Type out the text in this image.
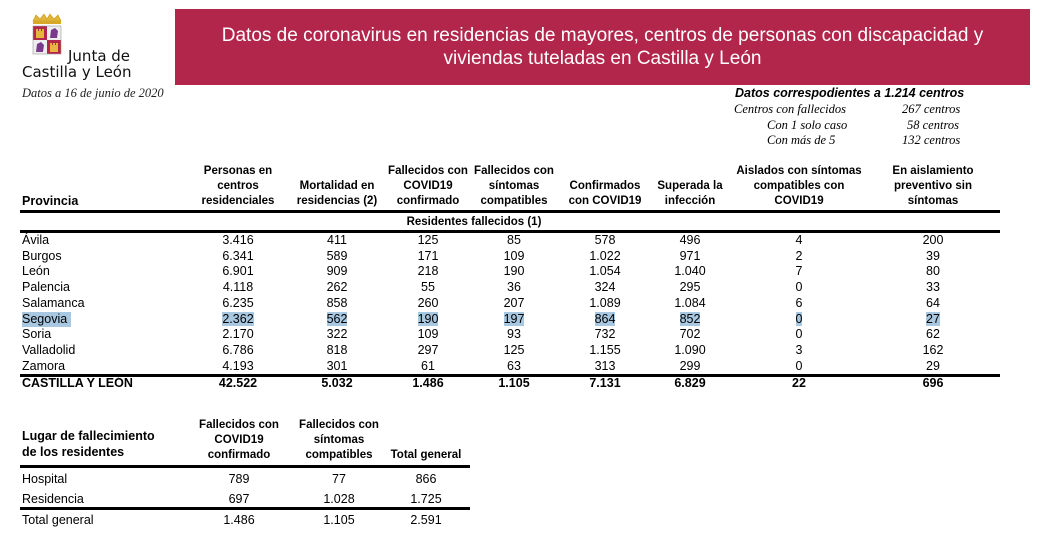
Junta de
Castilla y León
Datos a 16 de junio de 2020
Datos de coronavirus en residencias de mayores, centros de personas con discapacidad y viviendas tuteladas en Castilla y León
Datos correspodientes a 1.214 centros
Centros con fallecidos	267 centros
Con 1 solo caso	58 centros
Con más de 5	132 centros
Provincia
Personas en
centros
residenciales
Mortalidad en
residencias (2)
Fallecidos con
COVID19
confirmado
Fallecidos con
síntomas
compatibles
Confirmados
con COVID19
Superada la
infección
Aislados con síntomas
compatibles con
COVID19
En aislamiento
preventivo sin
síntomas
Residentes fallecidos (1)
Ávila	3.416	411	125	85	578	496	4	200
Burgos	6.341	589	171	109	1.022	971	2	39
León	6.901	909	218	190	1.054	1.040	7	80
Palencia	4.118	262	55	36	324	295	0	33
Salamanca	6.235	858	260	207	1.089	1.084	6	64
Segovia	2.362	562	190	197	864	852	0	27
Soria	2.170	322	109	93	732	702	0	62
Valladolid	6.786	818	297	125	1.155	1.090	3	162
Zamora	4.193	301	61	63	313	299	0	29
CASTILLA Y LEÓN	42.522	5.032	1.486	1.105	7.131	6.829	22	696
Lugar de fallecimiento
de los residentes
Fallecidos con
COVID19
confirmado
Fallecidos con
síntomas
compatibles	Total general
Hospital	789	77	866
Residencia	697	1.028	1.725
Total general	1.486	1.105	2.591
